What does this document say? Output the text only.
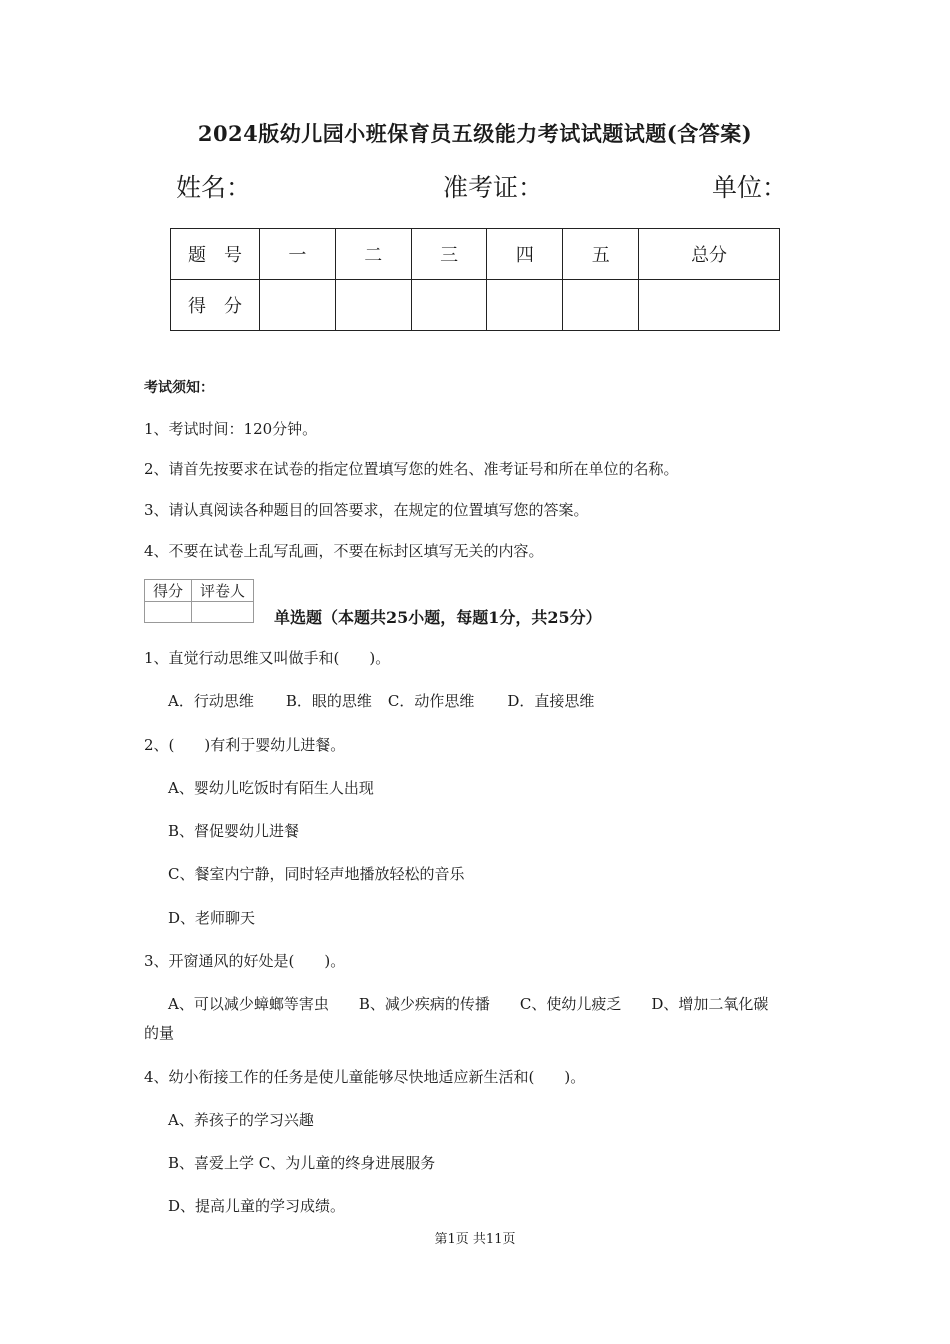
2024版幼儿园小班保育员五级能力考试试题试题(含答案)
姓名：	准考证：	单位：
题　号	一	二	三	四	五	总分
得　分						
考试须知：
1、考试时间：120分钟。
2、请首先按要求在试卷的指定位置填写您的姓名、准考证号和所在单位的名称。
3、请认真阅读各种题目的回答要求，在规定的位置填写您的答案。
4、不要在试卷上乱写乱画，不要在标封区填写无关的内容。
得分	评卷人

单选题（本题共25小题，每题1分，共25分）
1、直觉行动思维又叫做手和(　　)。
A．行动思维 B．眼的思维 C．动作思维 D．直接思维
2、(　　)有利于婴幼儿进餐。
A、婴幼儿吃饭时有陌生人出现
B、督促婴幼儿进餐
C、餐室内宁静，同时轻声地播放轻松的音乐
D、老师聊天
3、开窗通风的好处是(　　)。
A、可以减少蟑螂等害虫　　B、减少疾病的传播　　C、使幼儿疲乏　　D、增加二氧化碳
的量
4、幼小衔接工作的任务是使儿童能够尽快地适应新生活和(　　)。
A、养孩子的学习兴趣
B、喜爱上学 C、为儿童的终身进展服务
D、提高儿童的学习成绩。
第1页 共11页
